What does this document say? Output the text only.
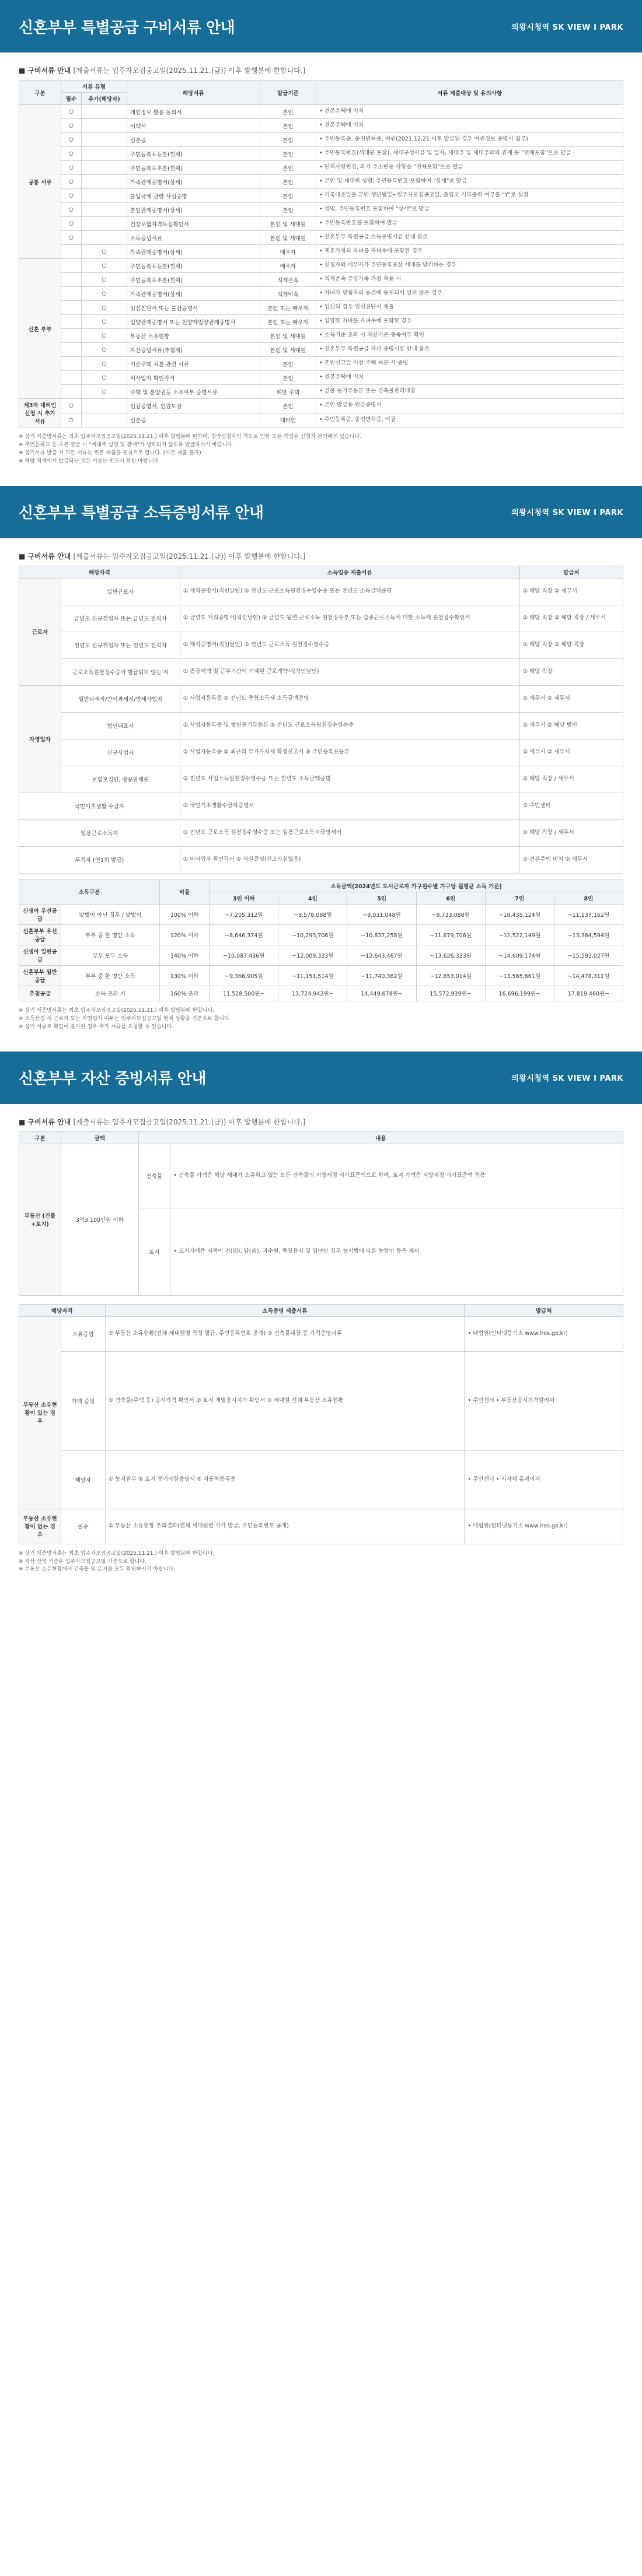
신혼부부 특별공급 구비서류 안내	의왕시청역 SK VIEW Ⅰ PARK
■ 구비서류 안내 [제출서류는 입주자모집공고일(2025.11.21.(금)) 이후 발행분에 한합니다.]
구분	서류 유형		해당서류	발급기준	서류 제출대상 및 유의사항
	필수	추가(해당자)			
공통 서류	○		개인정보 활용 동의서	본인	• 견본주택에 비치
	○		서약서	본인	• 견본주택에 비치
	○		신분증	본인	• 주민등록증, 운전면허증, 여권(2021.12.21 이후 발급된 경우 여권정보 증명서 첨부)
	○		주민등록표등본(전체)	본인	• 주민등록번호(세대원 포함), 세대구성사유 및 일자, 세대주 및 세대주와의 관계 등 "전체포함"으로 발급
	○		주민등록표초본(전체)	본인	• 인적사항변경, 과거 주소변동 사항을 "전체포함"으로 발급
	○		가족관계증명서(상세)	본인	• 본인 및 세대원 성명, 주민등록번호 포함하여 "상세"로 발급
	○		출입국에 관한 사실증명	본인	• 기록대조일을 본인 생년월일~입주자모집공고일, 출입국 기록출력 여부를 "Y"로 설정
	○		혼인관계증명서(상세)	본인	• 성명, 주민등록번호 포함하여 "상세"로 발급
	○		건강보험자격득실확인서	본인 및 세대원	• 주민등록번호를 포함하여 발급
	○		소득증빙서류	본인 및 세대원	• 신혼부부 특별공급 소득증빙서류 안내 참조
		○	가족관계증명서(상세)	배우자	• 재혼가정의 자녀를 자녀수에 포함한 경우
신혼 부부		○	주민등록표등본(전체)	배우자	• 신청자와 배우자가 주민등록표상 세대를 달리하는 경우
		○	주민등록표초본(전체)	직계존속	• 직계존속 부양가족 가점 적용 시
		○	가족관계증명서(상세)	직계비속	• 자녀가 당첨자의 등본에 등재되어 있지 않은 경우
		○	임신진단서 또는 출산증명서	본인 또는 배우자	• 임신의 경우 임신진단서 제출
		○	입양관계증명서 또는 친양자입양관계증명서	본인 또는 배우자	• 입양한 자녀를 자녀수에 포함한 경우
		○	부동산 소유현황	본인 및 세대원	• 소득기준 초과 시 자산기준 충족여부 확인
		○	자산증빙서류(추첨제)	본인 및 세대원	• 신혼부부 특별공급 자산 증빙서류 안내 참조
		○	기존주택 처분 관련 서류	본인	• 혼인신고일 이전 주택 처분 시 증빙
		○	비사업자 확인각서	본인	• 견본주택에 비치
		○	주택 및 분양권등 소유여부 증명서류	해당 주택	• 건물 등기부등본 또는 건축물관리대장
제3자 대리인 신청 시 추가서류	○		인감증명서, 인감도장	본인	• 본인 발급용 인감증명서
	○		신분증	대리인	• 주민등록증, 운전면허증, 여권
※ 상기 제증명서류는 최초 입주자모집공고일(2025.11.21.) 이후 발행분에 한하며, 청약신청자의 착오로 인한 모든 책임은 신청자 본인에게 있습니다.
※ 주민등록표 등·초본 발급 시 "세대주 성명 및 관계"가 생략되지 않도록 발급하시기 바랍니다.
※ 상기서류 발급 시 모든 서류는 원본 제출을 원칙으로 합니다. (사본 제출 불가)
※ 해당 직계에서 발급되는 모든 서류는 반드시 확인 바랍니다.
신혼부부 특별공급 소득증빙서류 안내	의왕시청역 SK VIEW Ⅰ PARK
■ 구비서류 안내 [제출서류는 입주자모집공고일(2025.11.21.(금)) 이후 발행분에 한합니다.]
해당자격		소득입증 제출서류	발급처
근로자	일반근로자	① 재직증명서(직인날인) ② 전년도 근로소득원천징수영수증 또는 전년도 소득금액증명	① 해당 직장 ② 세무서
	금년도 신규취업자 또는 금년도 전직자	① 금년도 재직증명서(직인날인) ② 금년도 월별 근로소득 원천징수부 또는 갑종근로소득에 대한 소득세 원천징수확인서	① 해당 직장 ② 해당 직장 / 세무서
	전년도 신규취업자 또는 전년도 전직자	① 재직증명서(직인날인) ② 전년도 근로소득 원천징수영수증	① 해당 직장 ② 해당 직장
	근로소득원천징수증이 발급되지 않는 자	① 총급여액 및 근무기간이 기재된 근로계약서(직인날인)	① 해당 직장
자영업자	일반과세자/간이과세자/면세사업자	① 사업자등록증 ② 전년도 종합소득세 소득금액증명	① 세무서 ② 세무서
	법인대표자	① 사업자등록증 및 법인등기부등본 ② 전년도 근로소득원천징수영수증	① 세무서 ② 해당 법인
	신규사업자	① 사업자등록증 ② 최근의 부가가치세 확정신고서 ③ 주민등록표등본	① 세무서 ② 세무서
	보험모집인, 방문판매원	① 전년도 사업소득원천징수영수증 또는 전년도 소득금액증명	① 해당 직장 / 세무서
국민기초생활 수급자		① 국민기초생활수급자증명서	① 주민센터
일용근로소득자		① 전년도 근로소득 원천징수영수증 또는 일용근로소득지급명세서	① 해당 직장 / 세무서
무직자 (연1회 발급)		① 비사업자 확인각서 ② 사실증명(신고사실없음)	① 견본주택 비치 ② 세무서
소득구분		비율	소득금액(2024년도 도시근로자 가구원수별 가구당 월평균 소득 기준)					
			3인 이하	4인	5인	6인	7인	8인
신생아 우선공급	맞벌이 아닌 경우 / 맞벌이	100% 이하	~7,205,312원	~8,578,088원	~9,031,048원	~9,733,088원	~10,435,124원	~11,137,162원
신혼부부 우선공급	부부 중 한 명만 소득	120% 이하	~8,646,374원	~10,293,706원	~10,837,258원	~11,679,706원	~12,522,149원	~13,364,594원
신생아 일반공급	부부 모두 소득	140% 이하	~10,087,436원	~12,009,323원	~12,643,467원	~13,626,323원	~14,609,174원	~15,592,027원
신혼부부 일반공급	부부 중 한 명만 소득	130% 이하	~9,366,905원	~11,151,514원	~11,740,362원	~12,653,014원	~13,565,661원	~14,478,311원
추첨공급	소득 초과 시	160% 초과	11,528,500원~	13,724,942원~	14,449,678원~	15,572,939원~	16,696,199원~	17,819,460원~
※ 상기 제증명서류는 최초 입주자모집공고일(2025.11.21.) 이후 발행분에 한합니다.
※ 소득산정 시 근로자 또는 자영업자 여부는 입주자모집공고일 현재 상황을 기준으로 합니다.
※ 상기 서류로 확인이 불가한 경우 추가 서류를 요청할 수 있습니다.
신혼부부 자산 증빙서류 안내	의왕시청역 SK VIEW Ⅰ PARK
■ 구비서류 안내 [제출서류는 입주자모집공고일(2025.11.21.(금)) 이후 발행분에 한합니다.]
구분	금액	내용	
부동산 (건물+토지)	3억3,100만원 이하	건축물	• 건축물 가액은 해당 세대가 소유하고 있는 모든 건축물의 지방세정 시가표준액으로 하며, 토지 가액은 지방세정 시가표준액 적용
		토지	• 토지가액은 지목이 전(田), 답(畓), 과수원, 목장용지 및 임야인 경우 농지법에 따른 농업인 등은 제외
해당자격		소득증명 제출서류	발급처
부동산 소유현황이 있는 경우	소유증빙	① 부동산 소유현황(전체 세대원별 작성 발급, 주민등록번호 공개) ② 건축물대장 등 가격증명서류	• 대법원(인터넷등기소 www.iros.go.kr)
	가액 증빙	① 건축물(주택 등) 공시가격 확인서 ② 토지 개별공시지가 확인서 ③ 세대원 전체 부동산 소유현황	• 주민센터 • 부동산공시가격알리미
	해당자	① 농지원부 ② 토지 등기사항증명서 ③ 자동차등록증	• 주민센터 • 지자체 홈페이지
부동산 소유현황이 없는 경우	필수	① 부동산 소유현황 조회결과(전체 세대원별 각각 발급, 주민등록번호 공개)	• 대법원(인터넷등기소 www.iros.go.kr)
※ 상기 제증명서류는 최초 입주자모집공고일(2025.11.21.) 이후 발행분에 한합니다.
※ 자산 산정 기준은 입주자모집공고일 기준으로 합니다.
※ 부동산 소유현황에서 건축물 및 토지를 모두 확인하시기 바랍니다.
